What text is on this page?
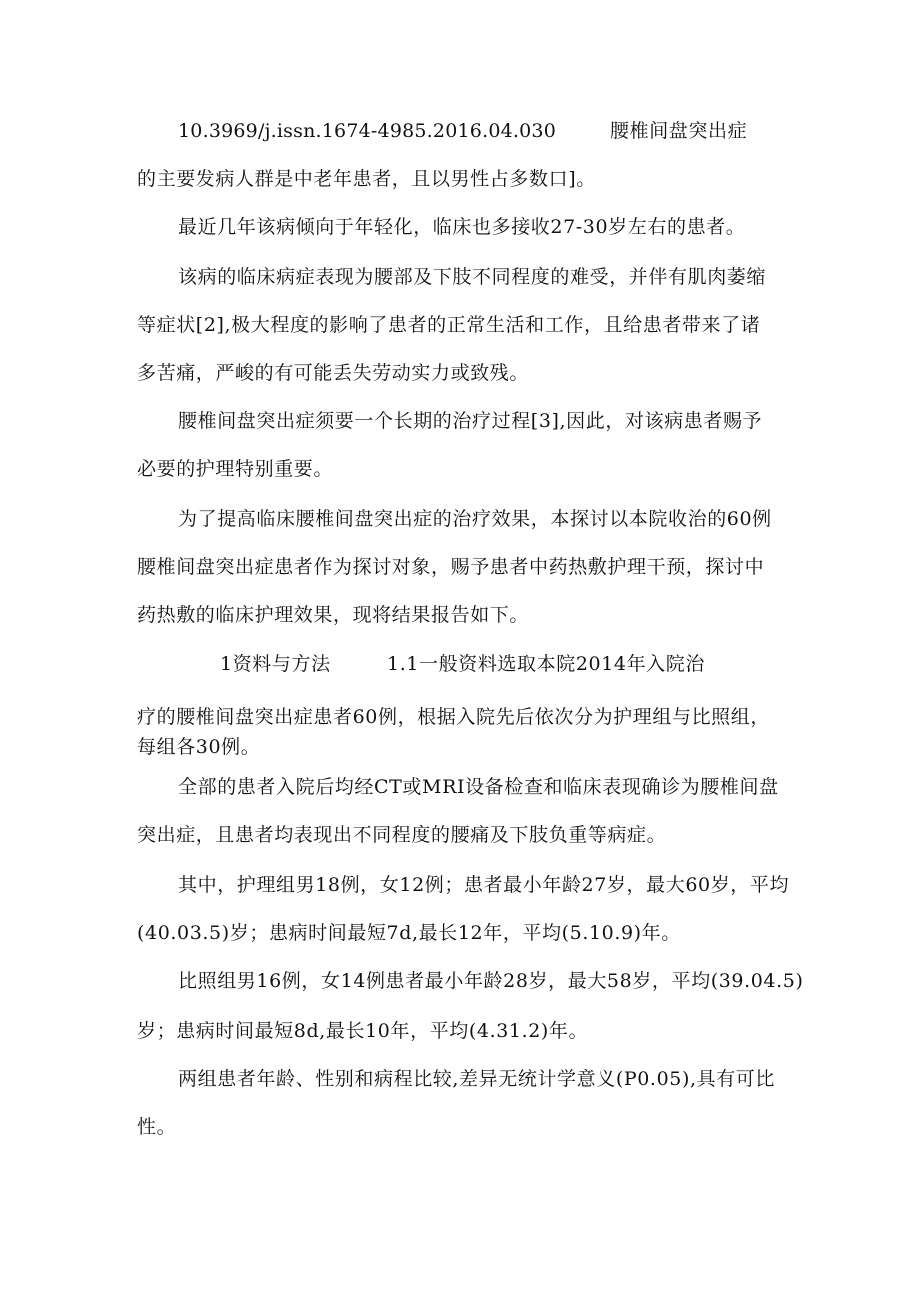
10.3969/j.issn.1674-4985.2016.04.030	腰椎间盘突出症
的主要发病人群是中老年患者，且以男性占多数口]。
最近几年该病倾向于年轻化，临床也多接收27-30岁左右的患者。
该病的临床病症表现为腰部及下肢不同程度的难受，并伴有肌肉萎缩
等症状[2],极大程度的影响了患者的正常生活和工作，且给患者带来了诸
多苦痛，严峻的有可能丢失劳动实力或致残。
腰椎间盘突出症须要一个长期的治疗过程[3],因此，对该病患者赐予
必要的护理特别重要。
为了提高临床腰椎间盘突出症的治疗效果，本探讨以本院收治的60例
腰椎间盘突出症患者作为探讨对象，赐予患者中药热敷护理干预，探讨中
药热敷的临床护理效果，现将结果报告如下。
1资料与方法	1.1一般资料选取本院2014年入院治
疗的腰椎间盘突出症患者60例，根据入院先后依次分为护理组与比照组，
每组各30例。
全部的患者入院后均经CT或MRI设备检查和临床表现确诊为腰椎间盘
突出症，且患者均表现出不同程度的腰痛及下肢负重等病症。
其中，护理组男18例，女12例；患者最小年龄27岁，最大60岁，平均
(40.03.5)岁；患病时间最短7d,最长12年，平均(5.10.9)年。
比照组男16例，女14例患者最小年龄28岁，最大58岁，平均(39.04.5)
岁；患病时间最短8d,最长10年，平均(4.31.2)年。
两组患者年龄、性别和病程比较,差异无统计学意义(P0.05),具有可比
性。
